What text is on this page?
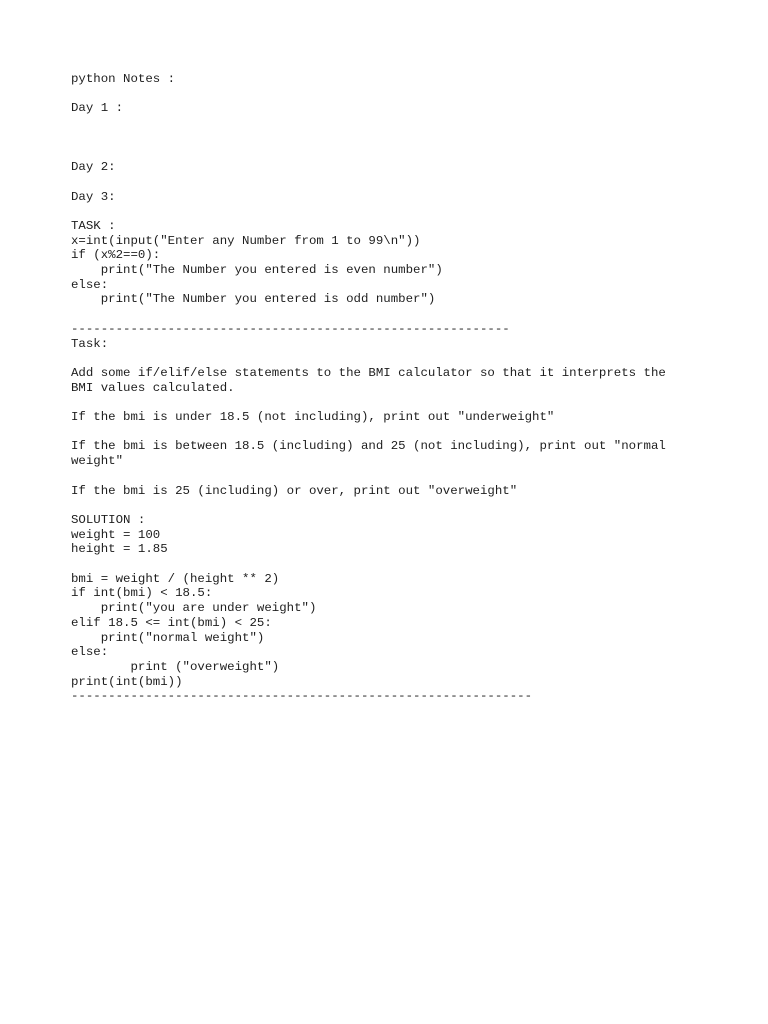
python Notes :
Day 1 :
Day 2:
Day 3:
TASK :
x=int(input("Enter any Number from 1 to 99\n"))
if (x%2==0):
print("The Number you entered is even number")
else:
print("The Number you entered is odd number")
-----------------------------------------------------------
Task:
Add some if/elif/else statements to the BMI calculator so that it interprets the
BMI values calculated.
If the bmi is under 18.5 (not including), print out "underweight"
If the bmi is between 18.5 (including) and 25 (not including), print out "normal
weight"
If the bmi is 25 (including) or over, print out "overweight"
SOLUTION :
weight = 100
height = 1.85
bmi = weight / (height ** 2)
if int(bmi) < 18.5:
print("you are under weight")
elif 18.5 <= int(bmi) < 25:
print("normal weight")
else:
print ("overweight")
print(int(bmi))
--------------------------------------------------------------
